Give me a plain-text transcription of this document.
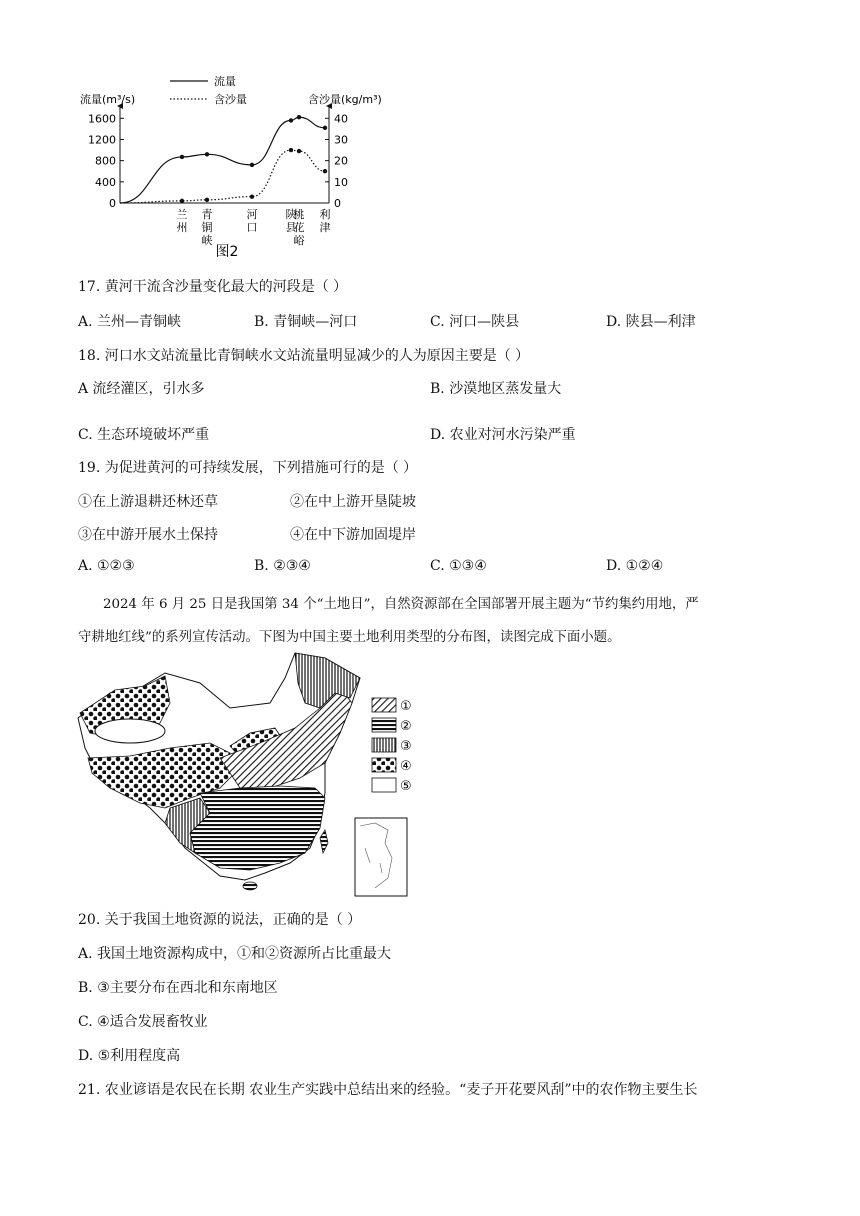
流量
含沙量
流量(m³/s)	含沙量(kg/m³)
1600
1200
800
400
0
40
30
20
10
0
兰
州
青
铜
峡
河
口
陕
县
桃
花
峪
利
津
图2
17. 黄河干流含沙量变化最大的河段是（ ）
A. 兰州—青铜峡	B. 青铜峡—河口	C. 河口—陕县	D. 陕县—利津
18. 河口水文站流量比青铜峡水文站流量明显减少的人为原因主要是（ ）
A 流经灌区，引水多	B. 沙漠地区蒸发量大
C. 生态环境破坏严重	D. 农业对河水污染严重
19. 为促进黄河的可持续发展，下列措施可行的是（ ）
①在上游退耕还林还草	②在中上游开垦陡坡
③在中游开展水土保持	④在中下游加固堤岸
A. ①②③	B. ②③④	C. ①③④	D. ①②④
2024 年 6 月 25 日是我国第 34 个“土地日”，自然资源部在全国部署开展主题为“节约集约用地，严
守耕地红线”的系列宣传活动。下图为中国主要土地利用类型的分布图，读图完成下面小题。
①
②
③
④
⑤
20. 关于我国土地资源的说法，正确的是（ ）
A. 我国土地资源构成中，①和②资源所占比重最大
B. ③主要分布在西北和东南地区
C. ④适合发展畜牧业
D. ⑤利用程度高
21. 农业谚语是农民在长期 农业生产实践中总结出来的经验。“麦子开花要风刮”中的农作物主要生长
